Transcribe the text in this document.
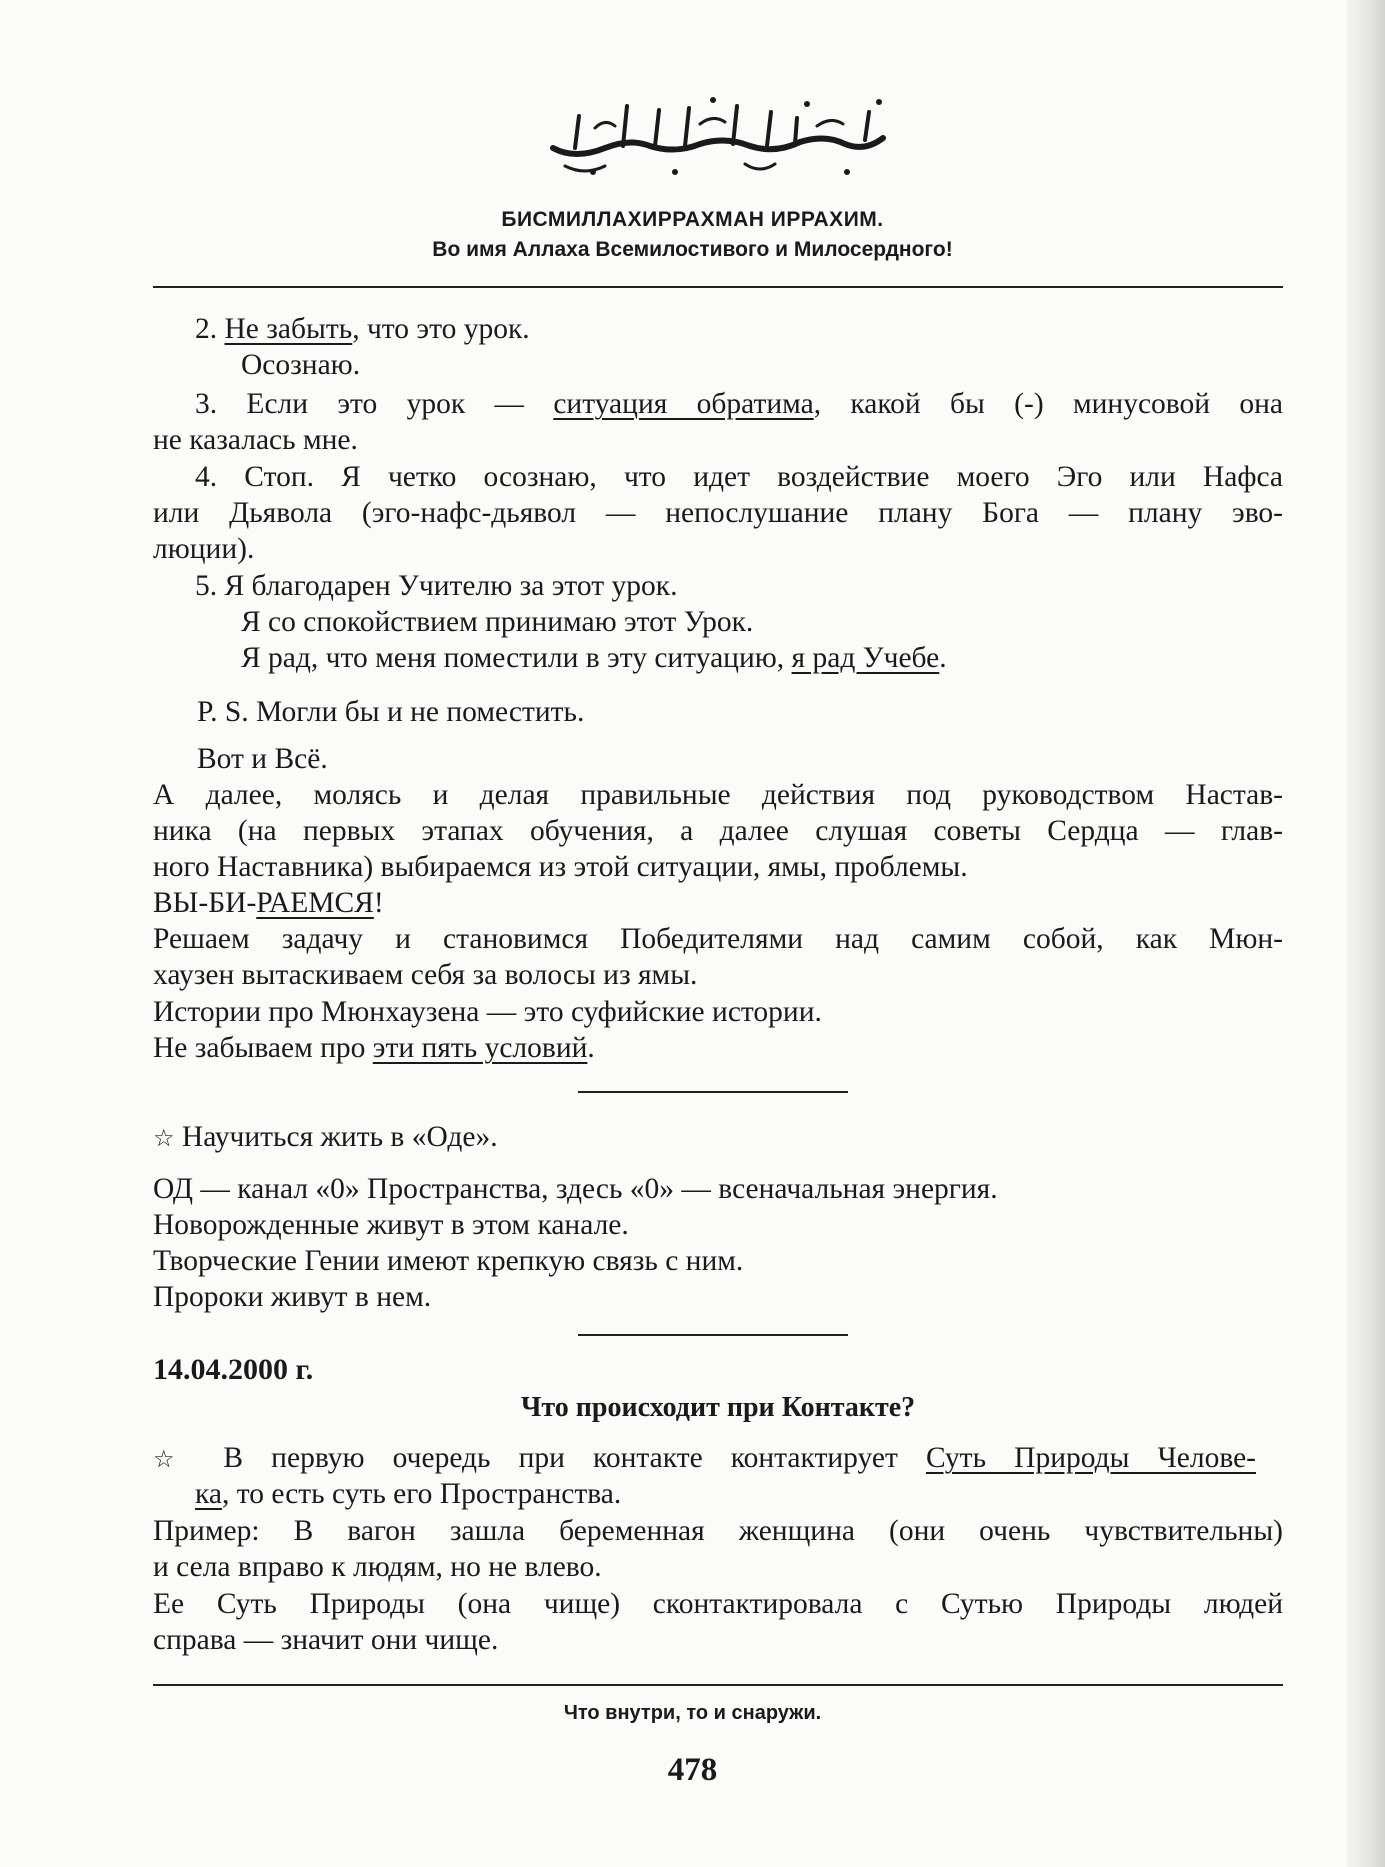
БИСМИЛЛАХИРРАХМАН ИРРАХИМ.
Во имя Аллаха Всемилостивого и Милосердного!
2. Не забыть, что это урок.
Осознаю.
3. Если это урок — ситуация обратима, какой бы (-) минусовой она
не казалась мне.
4. Стоп. Я четко осознаю, что идет воздействие моего Эго или Нафса
или Дьявола (эго-нафс-дьявол — непослушание плану Бога — плану эво-
люции).
5. Я благодарен Учителю за этот урок.
Я со спокойствием принимаю этот Урок.
Я рад, что меня поместили в эту ситуацию, я рад Учебе.
P. S. Могли бы и не поместить.
Вот и Всё.
А далее, молясь и делая правильные действия под руководством Настав-
ника (на первых этапах обучения, а далее слушая советы Сердца — глав-
ного Наставника) выбираемся из этой ситуации, ямы, проблемы.
ВЫ-БИ-РАЕМСЯ!
Решаем задачу и становимся Победителями над самим собой, как Мюн-
хаузен вытаскиваем себя за волосы из ямы.
Истории про Мюнхаузена — это суфийские истории.
Не забываем про эти пять условий.
☆ Научиться жить в «Оде».
ОД — канал «0» Пространства, здесь «0» — всеначальная энергия.
Новорожденные живут в этом канале.
Творческие Гении имеют крепкую связь с ним.
Пророки живут в нем.
14.04.2000 г.
Что происходит при Контакте?
☆ В первую очередь при контакте контактирует Суть Природы Челове-
ка, то есть суть его Пространства.
Пример: В вагон зашла беременная женщина (они очень чувствительны)
и села вправо к людям, но не влево.
Ее Суть Природы (она чище) сконтактировала с Сутью Природы людей
справа — значит они чище.
Что внутри, то и снаружи.
478
